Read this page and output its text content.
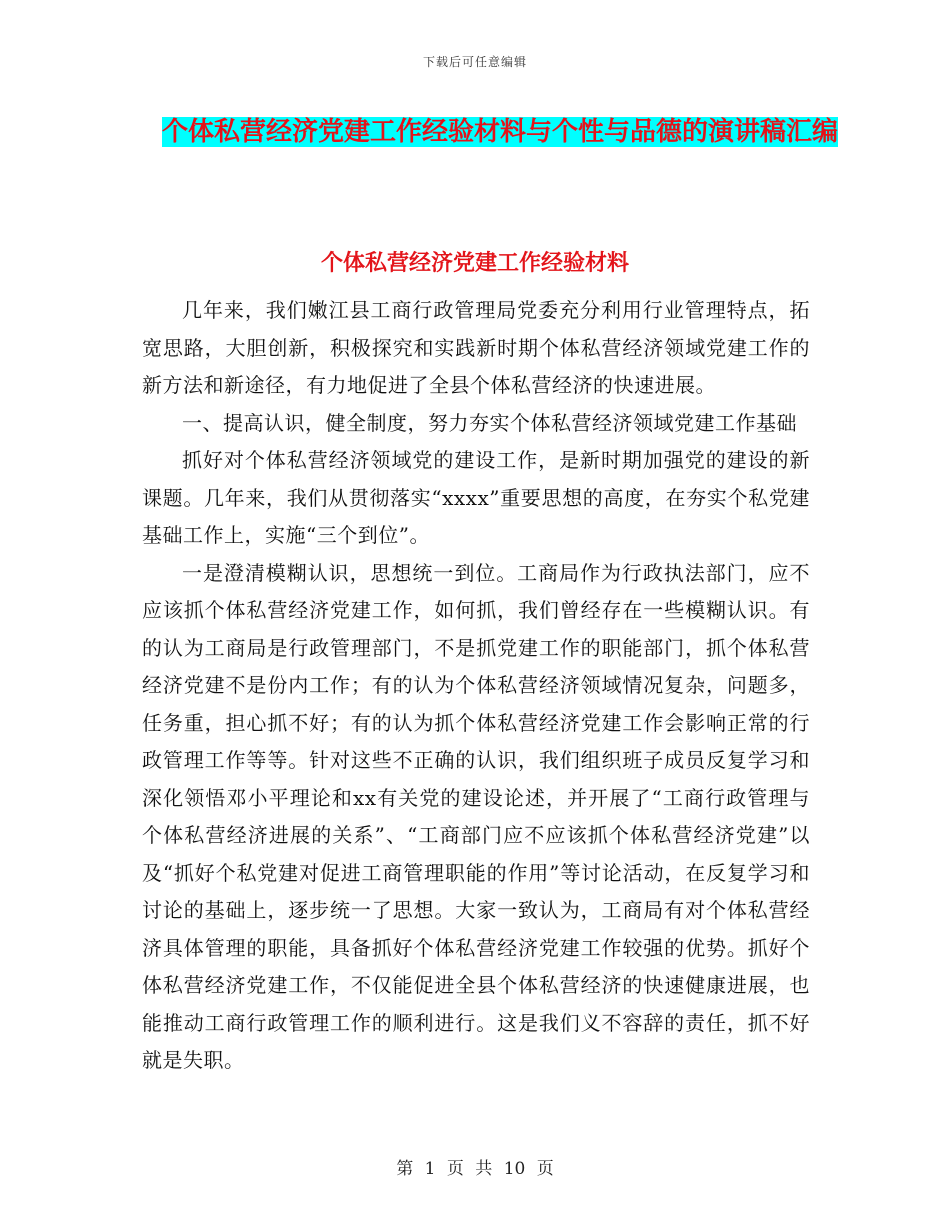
下载后可任意编辑
个体私营经济党建工作经验材料与个性与品德的演讲稿汇编
个体私营经济党建工作经验材料

几年来，我们嫩江县工商行政管理局党委充分利用行业管理特点，拓宽思路，大胆创新，积极探究和实践新时期个体私营经济领域党建工作的新方法和新途径，有力地促进了全县个体私营经济的快速进展。

一、提高认识，健全制度，努力夯实个体私营经济领域党建工作基础

抓好对个体私营经济领域党的建设工作，是新时期加强党的建设的新课题。几年来，我们从贯彻落实“xxxx”重要思想的高度，在夯实个私党建基础工作上，实施“三个到位”。

一是澄清模糊认识，思想统一到位。工商局作为行政执法部门，应不应该抓个体私营经济党建工作，如何抓，我们曾经存在一些模糊认识。有的认为工商局是行政管理部门，不是抓党建工作的职能部门，抓个体私营经济党建不是份内工作；有的认为个体私营经济领域情况复杂，问题多，任务重，担心抓不好；有的认为抓个体私营经济党建工作会影响正常的行政管理工作等等。针对这些不正确的认识，我们组织班子成员反复学习和深化领悟邓小平理论和xx有关党的建设论述，并开展了“工商行政管理与个体私营经济进展的关系”、“工商部门应不应该抓个体私营经济党建”以及“抓好个私党建对促进工商管理职能的作用”等讨论活动，在反复学习和讨论的基础上，逐步统一了思想。大家一致认为，工商局有对个体私营经济具体管理的职能，具备抓好个体私营经济党建工作较强的优势。抓好个体私营经济党建工作，不仅能促进全县个体私营经济的快速健康进展，也能推动工商行政管理工作的顺利进行。这是我们义不容辞的责任，抓不好就是失职。

第 1 页 共 10 页
